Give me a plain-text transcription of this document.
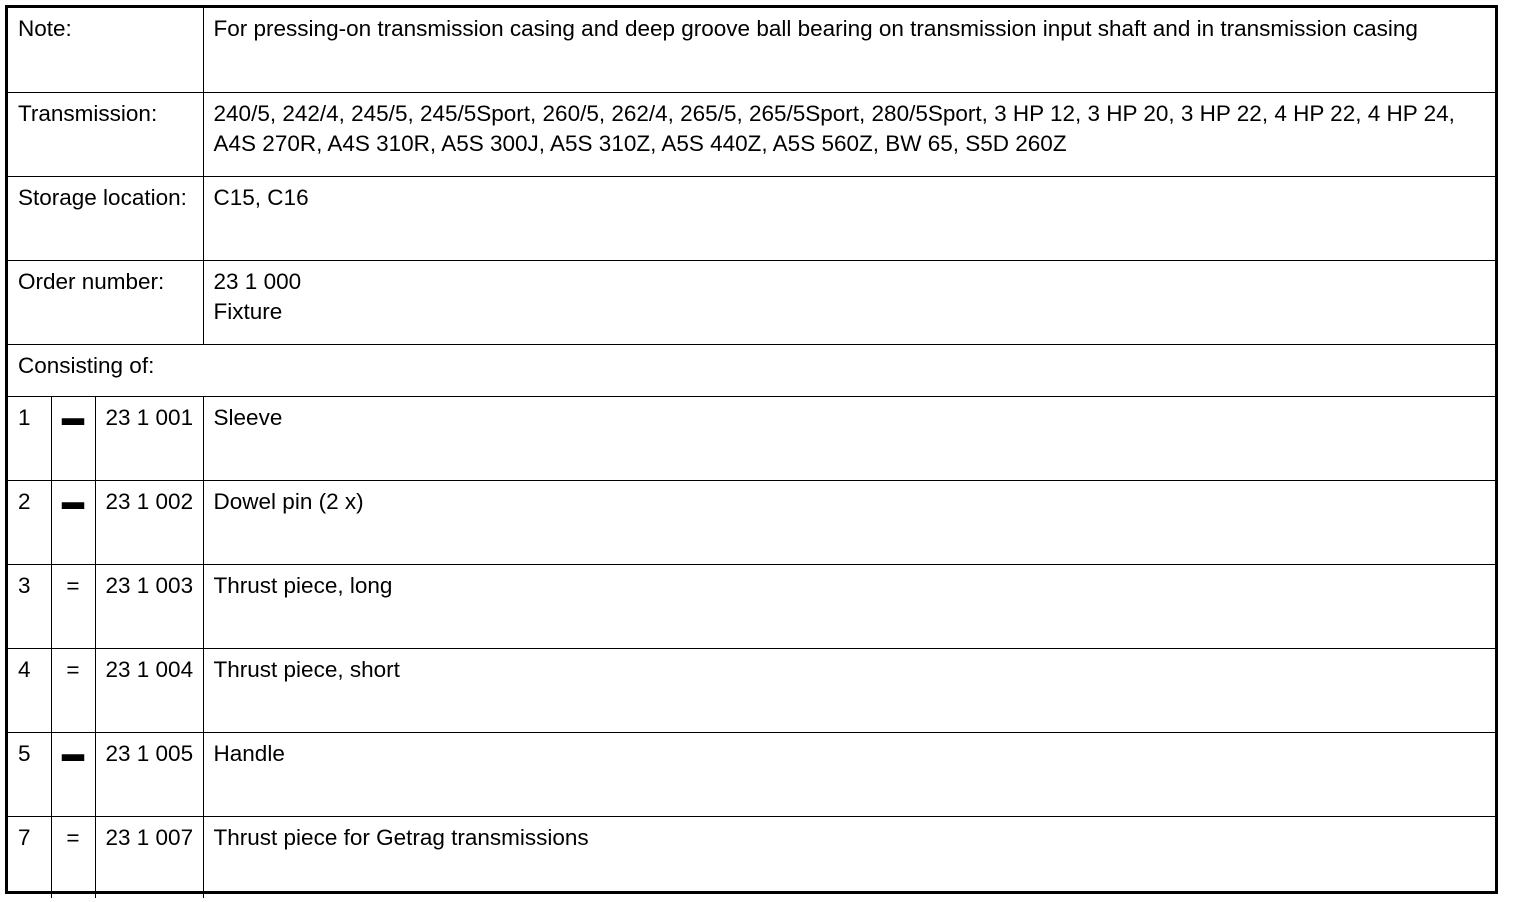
Note:			For pressing-on transmission casing and deep groove ball bearing on transmission input shaft and in transmission casing

Transmission:			240/5, 242/4, 245/5, 245/5Sport, 260/5, 262/4, 265/5, 265/5Sport, 280/5Sport, 3 HP 12, 3 HP 20, 3 HP 22, 4 HP 22, 4 HP 24, A4S 270R, A4S 310R, A5S 300J, A5S 310Z, A5S 440Z, A5S 560Z, BW 65, S5D 260Z

Storage location:			C15, C16

Order number:			23 1 000
Fixture

Consisting of:			
1	▬	23 1 001	Sleeve
2	▬	23 1 002	Dowel pin (2 x)
3	=	23 1 003	Thrust piece, long
4	=	23 1 004	Thrust piece, short
5	▬	23 1 005	Handle
7	=	23 1 007	Thrust piece for Getrag transmissions
